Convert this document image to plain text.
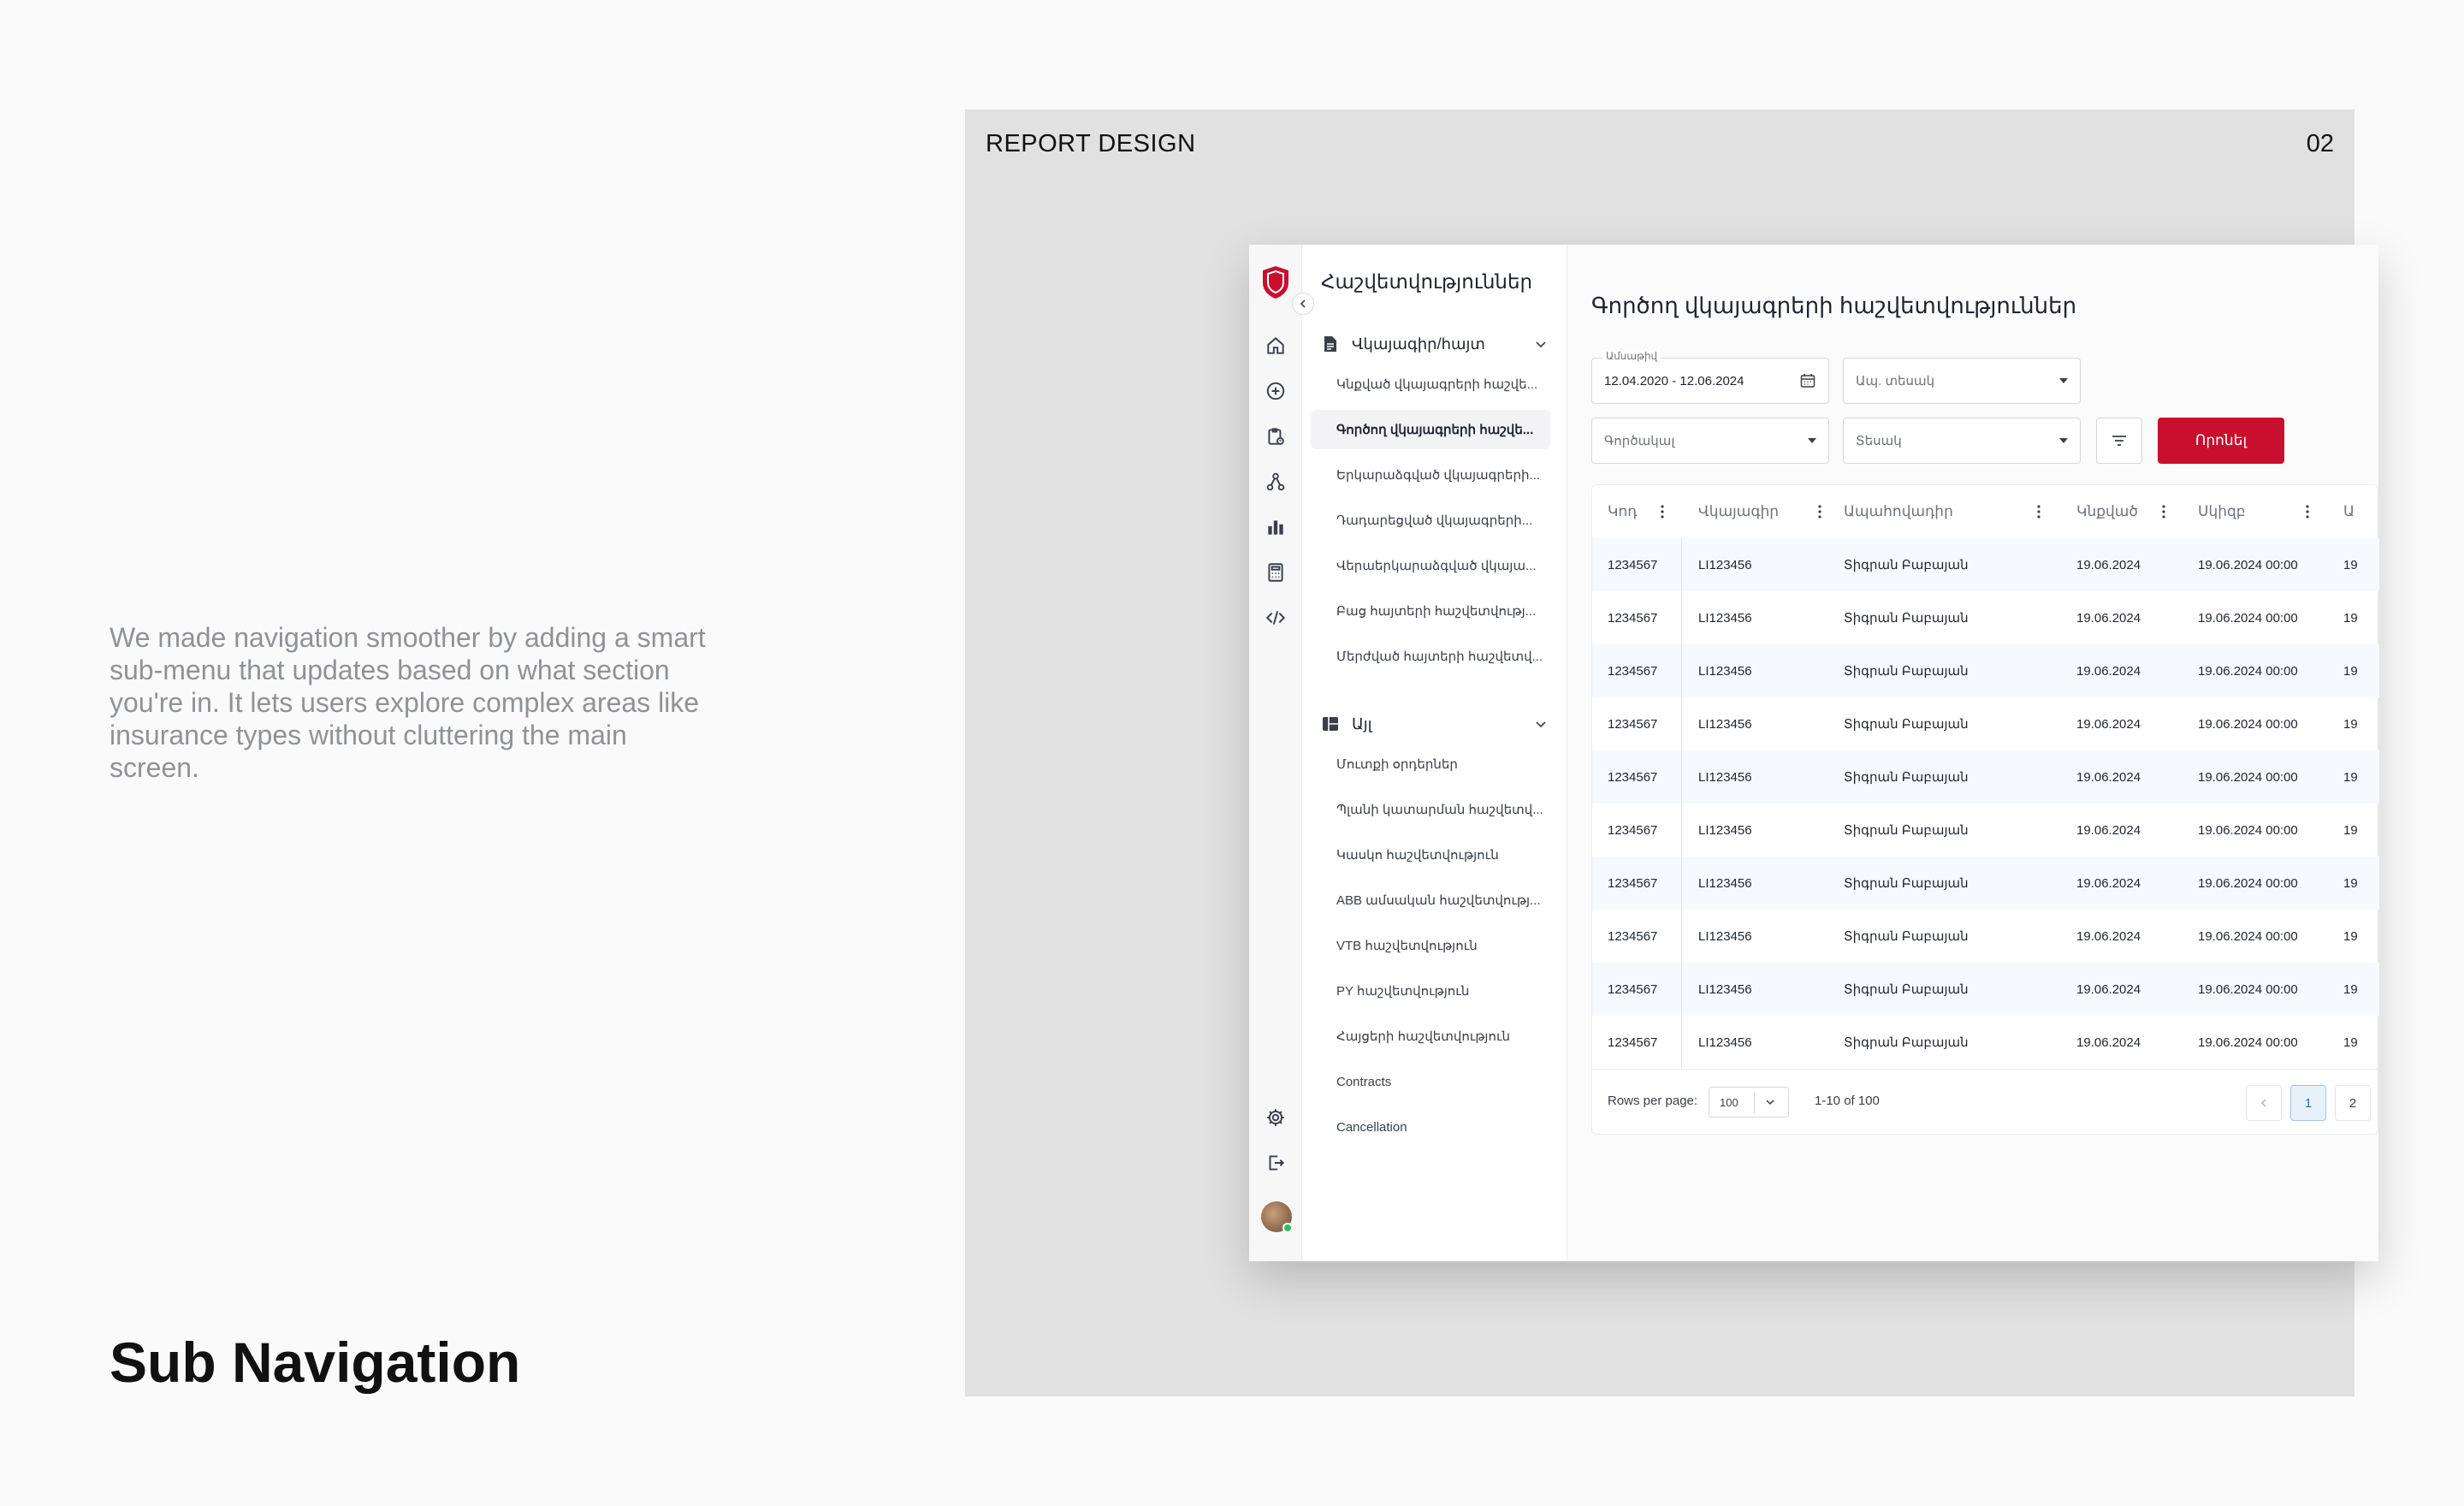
We made navigation smoother by adding a smart sub-menu that updates based on what section you're in. It lets users explore complex areas like insurance types without cluttering the main screen.

Sub Navigation
REPORT DESIGN	02
Հաշվետվություններ
Վկայագիր/հայտ
Կնքված վկայագրերի հաշվե...
Գործող վկայագրերի հաշվե...
Երկարաձգված վկայագրերի...
Դադարեցված վկայագրերի...
Վերաերկարաձգված վկայա...
Բաց հայտերի հաշվետվությ...
Մերժված հայտերի հաշվետվ...
Այլ
Մուտքի օրդերներ
Պլանի կատարման հաշվետվ...
Կասկո հաշվետվություն
ABB ամսական հաշվետվությ...
VTB հաշվետվություն
PY հաշվետվություն
Հայցերի հաշվետվություն
Contracts
Cancellation
Գործող վկայագրերի հաշվետվություններ
Ամսաթիվ
12.04.2020 - 12.06.2024	Ապ. տեսակ
Գործակալ	Տեսակ	Որոնել
Կոդ	Վկայագիր	Ապահովադիր	Կնքված	Սկիզբ	Ա
1234567	LI123456	Տիգրան Բաբայան	19.06.2024	19.06.2024 00:00	19
1234567	LI123456	Տիգրան Բաբայան	19.06.2024	19.06.2024 00:00	19
1234567	LI123456	Տիգրան Բաբայան	19.06.2024	19.06.2024 00:00	19
1234567	LI123456	Տիգրան Բաբայան	19.06.2024	19.06.2024 00:00	19
1234567	LI123456	Տիգրան Բաբայան	19.06.2024	19.06.2024 00:00	19
1234567	LI123456	Տիգրան Բաբայան	19.06.2024	19.06.2024 00:00	19
1234567	LI123456	Տիգրան Բաբայան	19.06.2024	19.06.2024 00:00	19
1234567	LI123456	Տիգրան Բաբայան	19.06.2024	19.06.2024 00:00	19
1234567	LI123456	Տիգրան Բաբայան	19.06.2024	19.06.2024 00:00	19
1234567	LI123456	Տիգրան Բաբայան	19.06.2024	19.06.2024 00:00	19
Rows per page: 100	1-10 of 100	1	2
